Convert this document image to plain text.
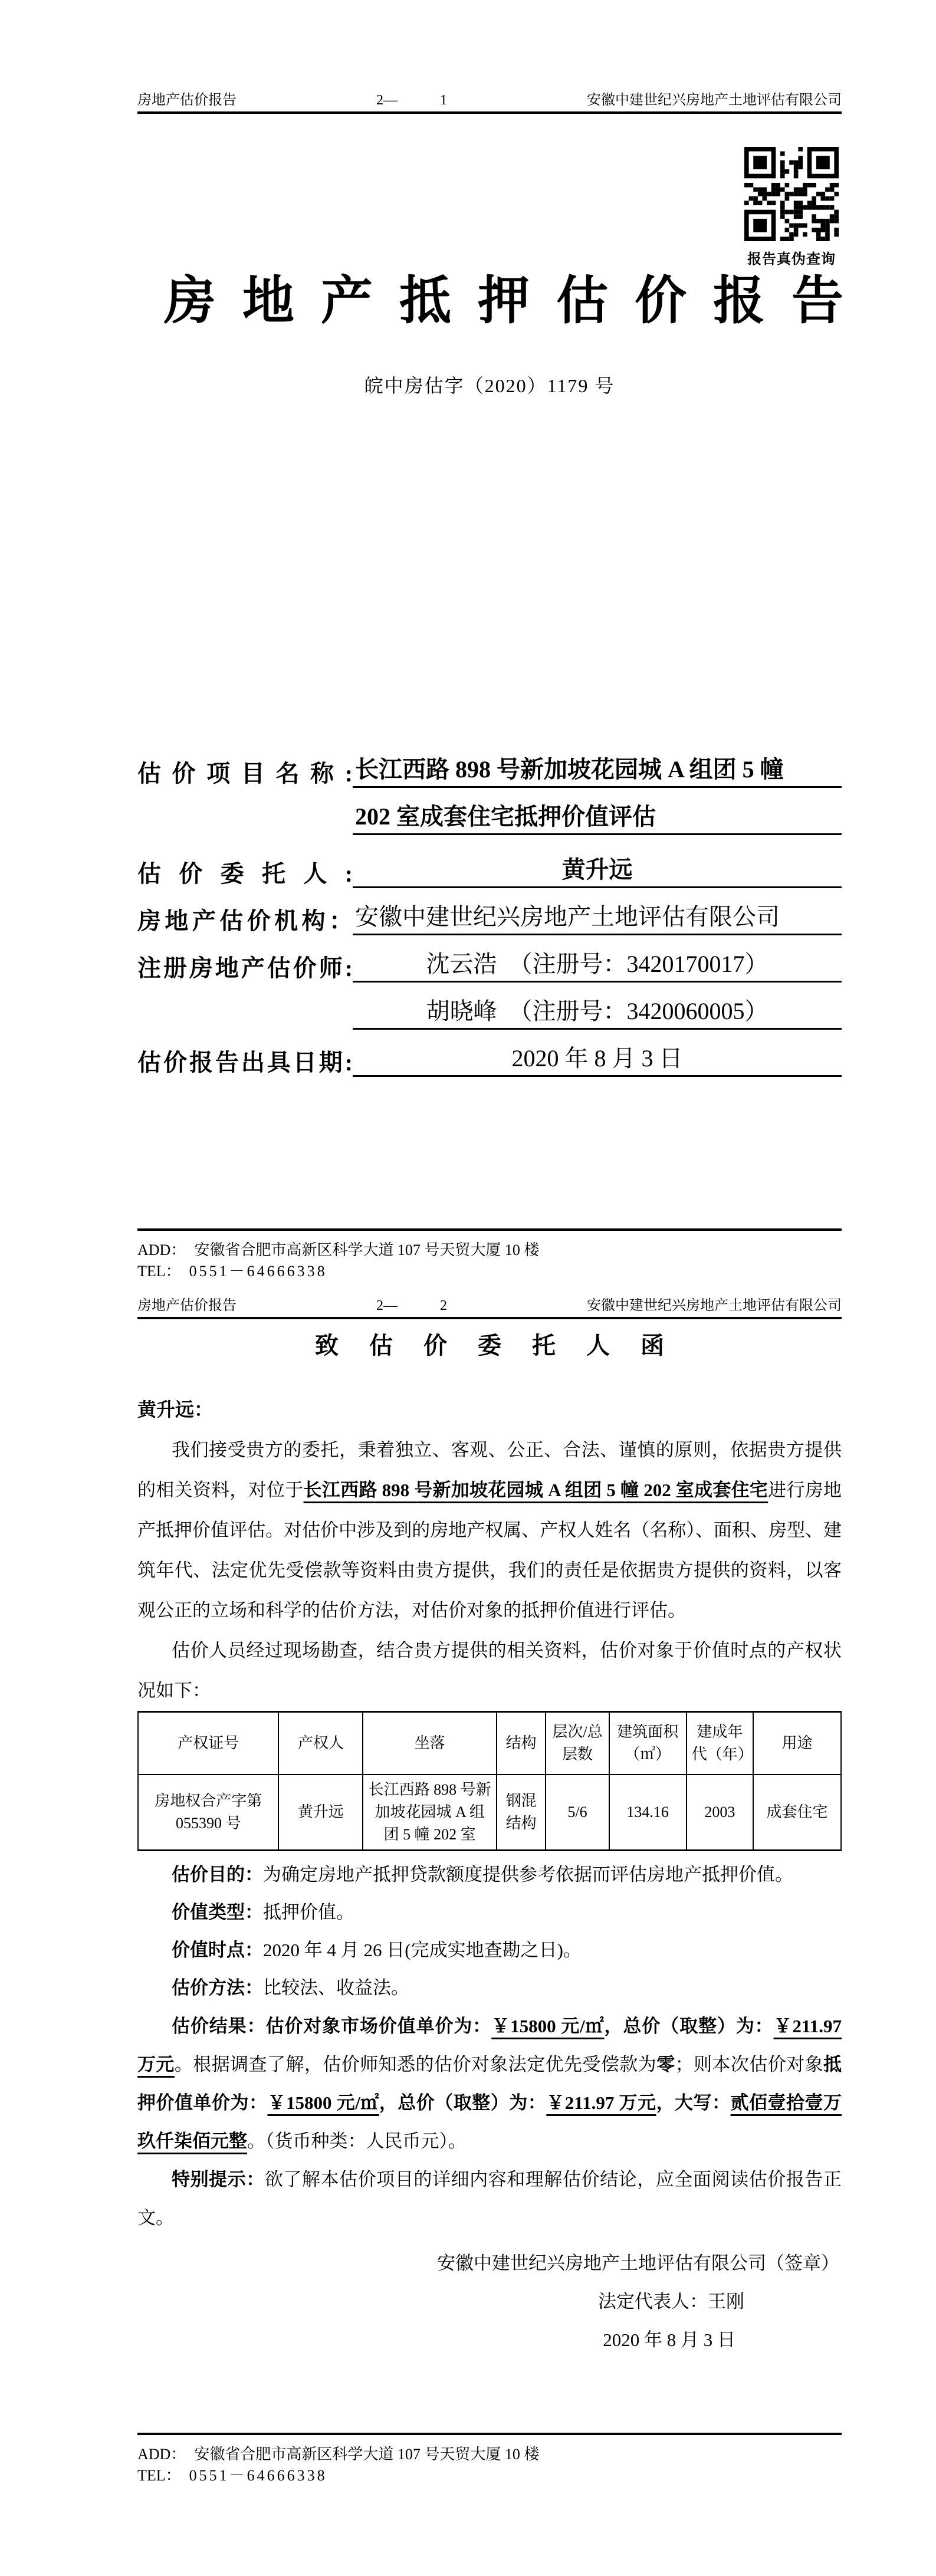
房地产估价报告	2—	1	安徽中建世纪兴房地产土地评估有限公司
报告真伪查询
房地产抵押估价报告
皖中房估字（2020）1179 号
估 价 项 目 名 称 : 长江西路 898 号新加坡花园城 A 组团 5 幢
202 室成套住宅抵押价值评估
估 价 委 托 人 :	黄升远
房地产估价机构： 安徽中建世纪兴房地产土地评估有限公司
注册房地产估价师:	沈云浩　（注册号：3420170017）
胡晓峰　（注册号：3420060005）
估价报告出具日期:	2020 年 8 月 3 日
ADD： 安徽省合肥市高新区科学大道 107 号天贸大厦 10 楼
TEL： 0551－64666338
房地产估价报告	2—	2	安徽中建世纪兴房地产土地评估有限公司
致估价委托人函
黄升远：

我们接受贵方的委托，秉着独立、客观、公正、合法、谨慎的原则，依据贵方提供的相关资料，对位于长江西路 898 号新加坡花园城 A 组团 5 幢 202 室成套住宅进行房地产抵押价值评估。对估价中涉及到的房地产权属、产权人姓名（名称）、面积、房型、建筑年代、法定优先受偿款等资料由贵方提供，我们的责任是依据贵方提供的资料，以客观公正的立场和科学的估价方法，对估价对象的抵押价值进行评估。

估价人员经过现场勘查，结合贵方提供的相关资料，估价对象于价值时点的产权状况如下：

产权证号	产权人	坐落	结构	层次/总层数	建筑面积（㎡）	建成年代（年）	用途
房地权合产字第055390 号	黄升远	长江西路 898 号新加坡花园城 A 组团 5 幢 202 室	钢混结构	5/6	134.16	2003	成套住宅
估价目的：为确定房地产抵押贷款额度提供参考依据而评估房地产抵押价值。
价值类型：抵押价值。
价值时点：2020 年 4 月 26 日(完成实地查勘之日)。
估价方法：比较法、收益法。

估价结果：估价对象市场价值单价为：￥15800 元/㎡，总价（取整）为：￥211.97 万元。根据调查了解，估价师知悉的估价对象法定优先受偿款为零；则本次估价对象抵押价值单价为：￥15800 元/㎡，总价（取整）为：￥211.97 万元，大写：贰佰壹拾壹万玖仟柒佰元整。（货币种类：人民币元）。

特别提示：欲了解本估价项目的详细内容和理解估价结论，应全面阅读估价报告正文。

安徽中建世纪兴房地产土地评估有限公司（签章）
法定代表人：王刚
2020 年 8 月 3 日
ADD： 安徽省合肥市高新区科学大道 107 号天贸大厦 10 楼
TEL： 0551－64666338
